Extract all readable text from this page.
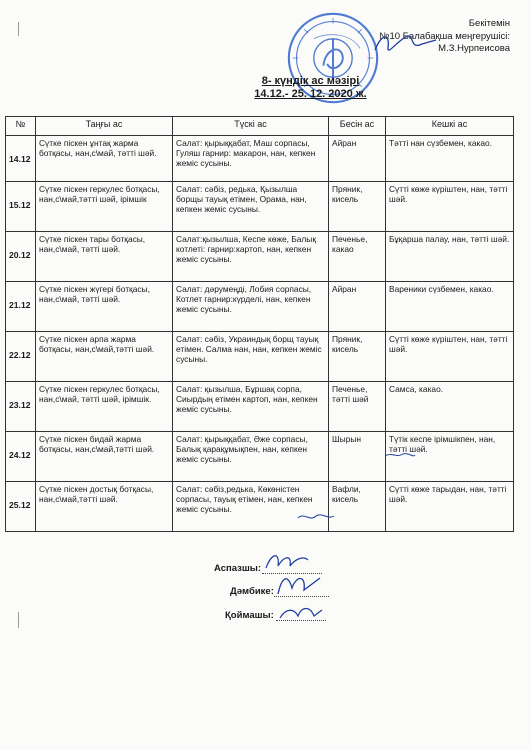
Бекітемін
№10 Балабақша меңгерушісі:
М.З.Нурпеисова
8- күндік ас мәзірі
14.12.- 25. 12. 2020 ж.
№	Таңғы ас	Түскі ас	Бесін ас	Кешкі ас
14.12	Сүтке піскен ұнтақ жарма ботқасы, нан,с\май, тәтті шәй.	Салат: қырыққабат, Маш сорпасы, Гуляш гарнир: макарон, нан, кепкен жеміс сусыны.	Айран	Тәтті нан сүзбемен, какао.
15.12	Сүтке піскен геркулес ботқасы, нан,с\май,тәтті шәй, ірімшік	Салат: сәбіз, редька, Қызылша борщы тауық етімен, Орама, нан, кепкен жеміс сусыны.	Пряник, кисель	Сүтті көже күріштен, нан, тәтті шәй.
20.12	Сүтке піскен тары ботқасы, нан,с\май, тәтті шәй.	Салат:қызылша, Кеспе көже, Балық котлеті: гарнир:картоп, нан, кепкен жеміс сусыны.	Печенье, какао	Бұқарша палау, нан, тәтті шәй.
21.12	Сүтке піскен жүгері ботқасы, нан,с\май, тәтті шәй.	Салат: дәрумеңді, Лобия сорпасы, Котлет гарнир:күрделі, нан, кепкен жеміс сусыны.	Айран	Вареники сүзбемен, какао.
22.12	Сүтке піскен арпа жарма ботқасы, нан,с\май,тәтті шәй.	Салат: сәбіз, Украиндық борщ тауық етімен. Салма нан, нан, кепкен жеміс сусыны.	Пряник, кисель	Сүтті көже күріштен, нан, тәтті шәй.
23.12	Сүтке піскен геркулес ботқасы, нан,с\май, тәтті шәй, ірімшік.	Салат: қызылша, Бұршақ сорпа, Сиырдың етімен картоп, нан, кепкен жеміс сусыны.	Печенье, тәтті шәй	Самса, какао.
24.12	Сүтке піскен бидай жарма ботқасы, нан,с\май,тәтті шәй.	Салат: қырыққабат, Әже сорпасы, Балық қарақұмықпен, нан, кепкен жеміс сусыны.	Шырын	Түтік кеспе ірімшікпен, нан, тәтті шәй.
25.12	Сүтке піскен достық ботқасы, нан,с\май,тәтті шәй.	Салат: сәбіз,редька, Көкөністен сорпасы, тауық етімен, нан, кепкен жеміс сусыны.	Вафли, кисель	Сүтті көже тарыдан, нан, тәтті шәй.
Аспазшы:
Дәмбике:
Қоймашы:
